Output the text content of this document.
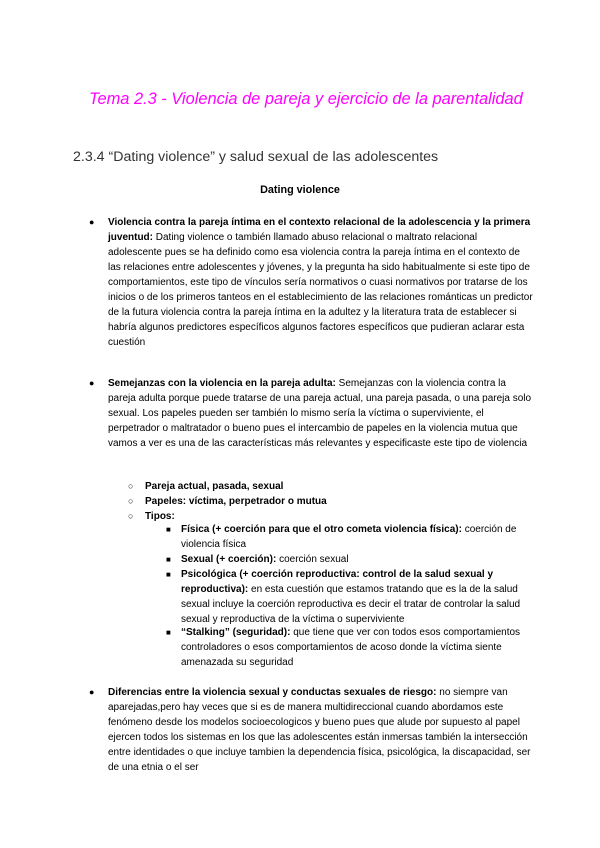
Tema 2.3 - Violencia de pareja y ejercicio de la parentalidad
2.3.4 “Dating violence” y salud sexual de las adolescentes
Dating violence
● Violencia contra la pareja íntima en el contexto relacional de la adolescencia y la primera juventud: Dating violence o también llamado abuso relacional o maltrato relacional adolescente pues se ha definido como esa violencia contra la pareja íntima en el contexto de las relaciones entre adolescentes y jóvenes, y la pregunta ha sido habitualmente si este tipo de comportamientos, este tipo de vínculos sería normativos o cuasi normativos por tratarse de los inicios o de los primeros tanteos en el establecimiento de las relaciones románticas un predictor de la futura violencia contra la pareja íntima en la adultez y la literatura trata de establecer si habría algunos predictores específicos algunos factores específicos que pudieran aclarar esta cuestión
● Semejanzas con la violencia en la pareja adulta: Semejanzas con la violencia contra la pareja adulta porque puede tratarse de una pareja actual, una pareja pasada, o una pareja solo sexual. Los papeles pueden ser también lo mismo sería la víctima o superviviente, el perpetrador o maltratador o bueno pues el intercambio de papeles en la violencia mutua que vamos a ver es una de las características más relevantes y especificaste este tipo de violencia
○ Pareja actual, pasada, sexual
○ Papeles: víctima, perpetrador o mutua
○ Tipos:
■ Física (+ coerción para que el otro cometa violencia física): coerción de violencia física
■ Sexual (+ coerción): coerción sexual
■ Psicológica (+ coerción reproductiva: control de la salud sexual y reproductiva): en esta cuestión que estamos tratando que es la de la salud sexual incluye la coerción reproductiva es decir el tratar de controlar la salud sexual y reproductiva de la víctima o superviviente
■ “Stalking” (seguridad): que tiene que ver con todos esos comportamientos controladores o esos comportamientos de acoso donde la víctima siente amenazada su seguridad
● Diferencias entre la violencia sexual y conductas sexuales de riesgo: no siempre van aparejadas,pero hay veces que si es de manera multidireccional cuando abordamos este fenómeno desde los modelos socioecologicos y bueno pues que alude por supuesto al papel ejercen todos los sistemas en los que las adolescentes están inmersas también la intersección entre identidades o que incluye tambien la dependencia física, psicológica, la discapacidad, ser de una etnia o el ser
